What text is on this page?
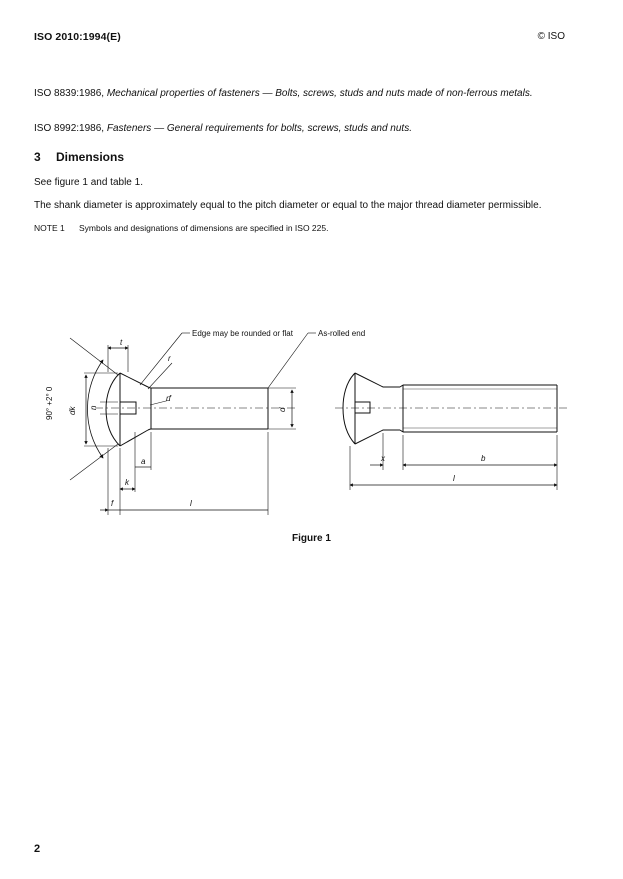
ISO 2010:1994(E)	© ISO
ISO 8839:1986, Mechanical properties of fasteners — Bolts, screws, studs and nuts made of non-ferrous metals.
ISO 8992:1986, Fasteners — General requirements for bolts, screws, studs and nuts.
3 Dimensions
See figure 1 and table 1.
The shank diameter is approximately equal to the pitch diameter or equal to the major thread diameter permissible.
NOTE 1 Symbols and designations of dimensions are specified in ISO 225.
Edge may be rounded or flat	As-rolled end
t
r
rf
n
dk	d
90° +2° 0
a
k
f	l
x	b
l
Figure 1
2
